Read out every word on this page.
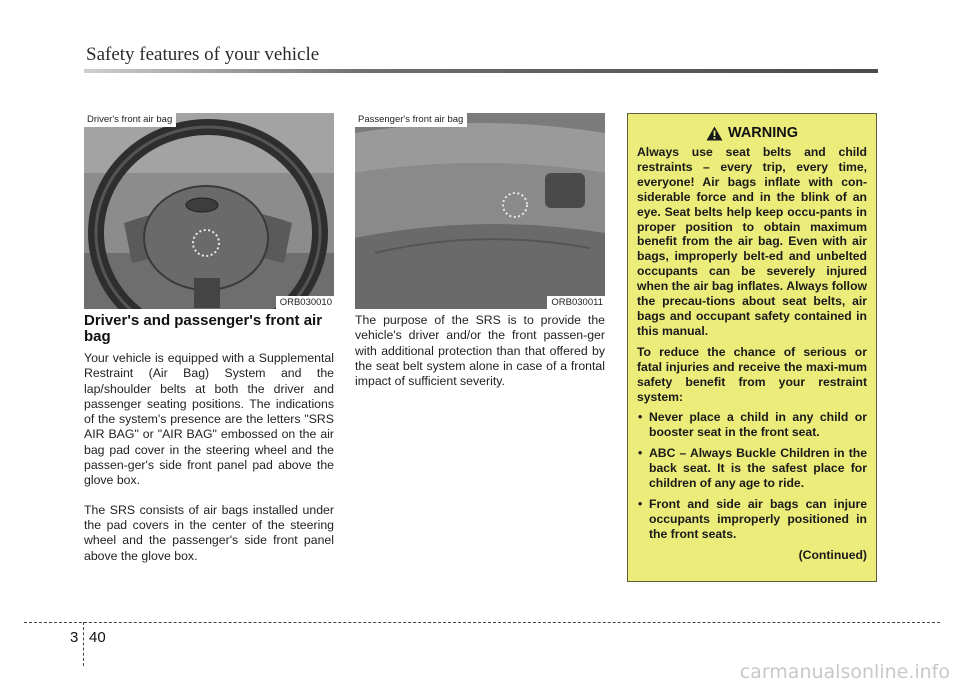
Safety features of your vehicle
Driver's front air bag
ORB030010
Passenger's front air bag
ORB030011
Driver's and passenger's front air bag

Your vehicle is equipped with a Supplemental Restraint (Air Bag) System and the lap/shoulder belts at both the driver and passenger seating positions. The indications of the system's presence are the letters "SRS AIR BAG" or "AIR BAG" embossed on the air bag pad cover in the steering wheel and the passen-ger's side front panel pad above the glove box.

The SRS consists of air bags installed under the pad covers in the center of the steering wheel and the passenger's side front panel above the glove box.

The purpose of the SRS is to provide the vehicle's driver and/or the front passen-ger with additional protection than that offered by the seat belt system alone in case of a frontal impact of sufficient severity.

WARNING

Always use seat belts and child restraints – every trip, every time, everyone! Air bags inflate with con-siderable force and in the blink of an eye. Seat belts help keep occu-pants in proper position to obtain maximum benefit from the air bag. Even with air bags, improperly belt-ed and unbelted occupants can be severely injured when the air bag inflates. Always follow the precau-tions about seat belts, air bags and occupant safety contained in this manual.

To reduce the chance of serious or fatal injuries and receive the maxi-mum safety benefit from your restraint system:

• Never place a child in any child or booster seat in the front seat.
• ABC – Always Buckle Children in the back seat. It is the safest place for children of any age to ride.
• Front and side air bags can injure occupants improperly positioned in the front seats.
(Continued)
3 40
carmanualsonline.info
